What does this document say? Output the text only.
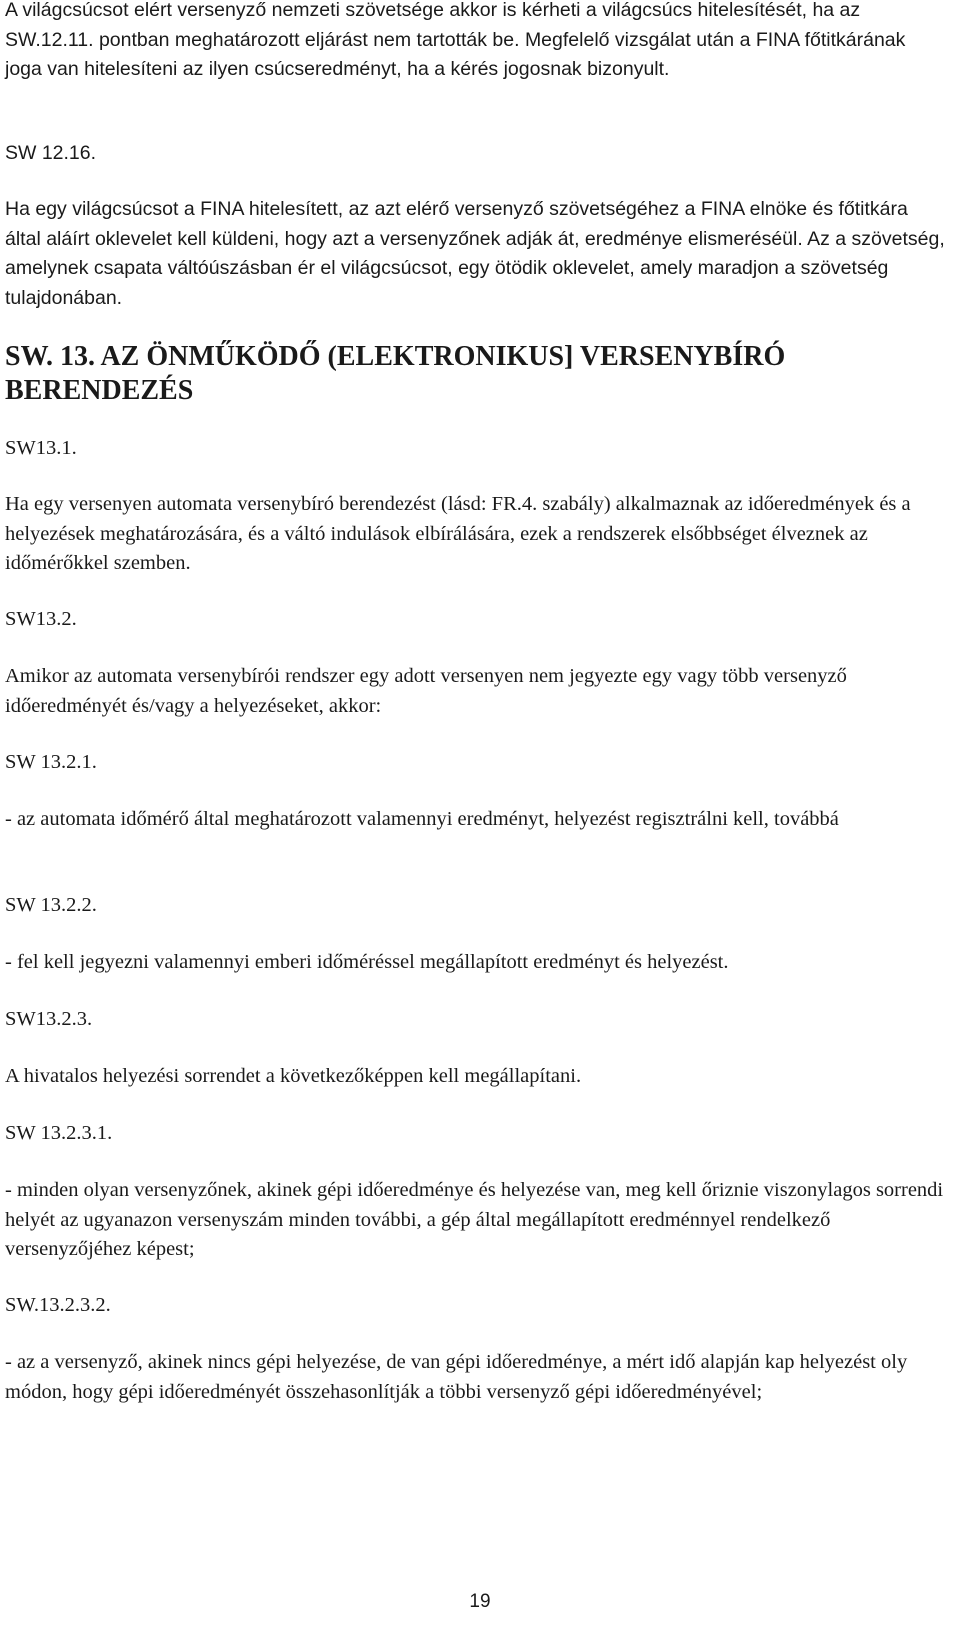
A világcsúcsot elért versenyző nemzeti szövetsége akkor is kérheti a világcsúcs hitelesítését, ha az SW.12.11. pontban meghatározott eljárást nem tartották be. Megfelelő vizsgálat után a FINA főtitkárának joga van hitelesíteni az ilyen csúcseredményt, ha a kérés jogosnak bizonyult.

SW 12.16.

Ha egy világcsúcsot a FINA hitelesített, az azt elérő versenyző szövetségéhez a FINA elnöke és főtitkára által aláírt oklevelet kell küldeni, hogy azt a versenyzőnek adják át, eredménye elismeréséül. Az a szövetség, amelynek csapata váltóúszásban ér el világcsúcsot, egy ötödik oklevelet, amely maradjon a szövetség tulajdonában.

SW. 13. AZ ÖNMŰKÖDŐ (ELEKTRONIKUS] VERSENYBÍRÓ BERENDEZÉS

SW13.1.

Ha egy versenyen automata versenybíró berendezést (lásd: FR.4. szabály) alkalmaznak az időeredmények és a helyezések meghatározására, és a váltó indulások elbírálására, ezek a rendszerek elsőbbséget élveznek az időmérőkkel szemben.

SW13.2.

Amikor az automata versenybírói rendszer egy adott versenyen nem jegyezte egy vagy több versenyző időeredményét és/vagy a helyezéseket, akkor:

SW 13.2.1.

- az automata időmérő által meghatározott valamennyi eredményt, helyezést regisztrálni kell, továbbá

SW 13.2.2.

- fel kell jegyezni valamennyi emberi időméréssel megállapított eredményt és helyezést.

SW13.2.3.

A hivatalos helyezési sorrendet a következőképpen kell megállapítani.

SW 13.2.3.1.

- minden olyan versenyzőnek, akinek gépi időeredménye és helyezése van, meg kell őriznie viszonylagos sorrendi helyét az ugyanazon versenyszám minden további, a gép által megállapított eredménnyel rendelkező versenyzőjéhez képest;

SW.13.2.3.2.

- az a versenyző, akinek nincs gépi helyezése, de van gépi időeredménye, a mért idő alapján kap helyezést oly módon, hogy gépi időeredményét összehasonlítják a többi versenyző gépi időeredményével;

19
